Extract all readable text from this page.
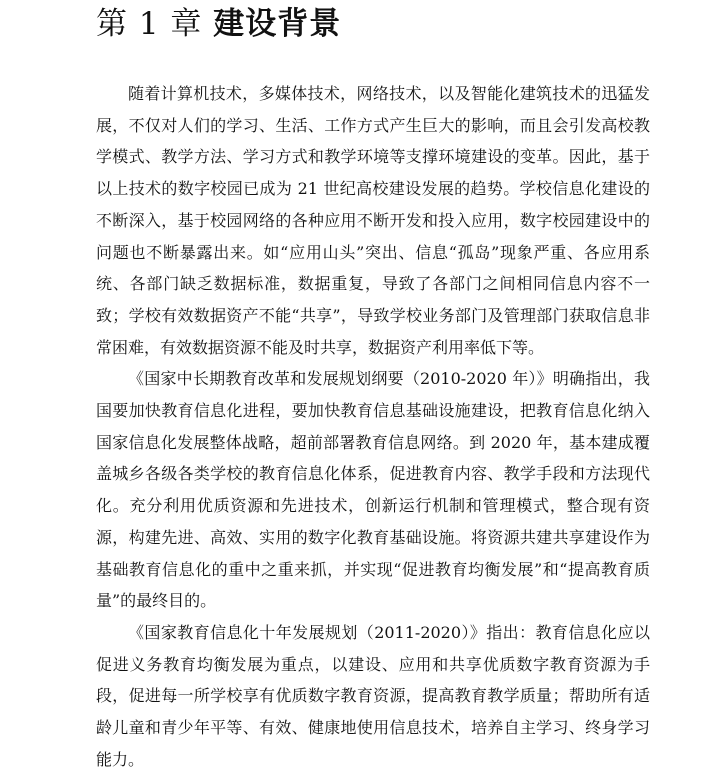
第 1 章 建设背景

随着计算机技术，多媒体技术，网络技术，以及智能化建筑技术的迅猛发展，不仅对人们的学习、生活、工作方式产生巨大的影响，而且会引发高校教学模式、教学方法、学习方式和教学环境等支撑环境建设的变革。因此，基于以上技术的数字校园已成为 21 世纪高校建设发展的趋势。学校信息化建设的不断深入，基于校园网络的各种应用不断开发和投入应用，数字校园建设中的问题也不断暴露出来。如“应用山头”突出、信息“孤岛”现象严重、各应用系统、各部门缺乏数据标准，数据重复，导致了各部门之间相同信息内容不一致；学校有效数据资产不能“共享”，导致学校业务部门及管理部门获取信息非常困难，有效数据资源不能及时共享，数据资产利用率低下等。

《国家中长期教育改革和发展规划纲要（2010-2020 年）》明确指出，我国要加快教育信息化进程，要加快教育信息基础设施建设，把教育信息化纳入国家信息化发展整体战略，超前部署教育信息网络。到 2020 年，基本建成覆盖城乡各级各类学校的教育信息化体系，促进教育内容、教学手段和方法现代化。充分利用优质资源和先进技术，创新运行机制和管理模式，整合现有资源，构建先进、高效、实用的数字化教育基础设施。将资源共建共享建设作为基础教育信息化的重中之重来抓，并实现“促进教育均衡发展”和“提高教育质量”的最终目的。

《国家教育信息化十年发展规划（2011-2020）》指出：教育信息化应以促进义务教育均衡发展为重点，以建设、应用和共享优质数字教育资源为手段，促进每一所学校享有优质数字教育资源，提高教育教学质量；帮助所有适龄儿童和青少年平等、有效、健康地使用信息技术，培养自主学习、终身学习能力。
